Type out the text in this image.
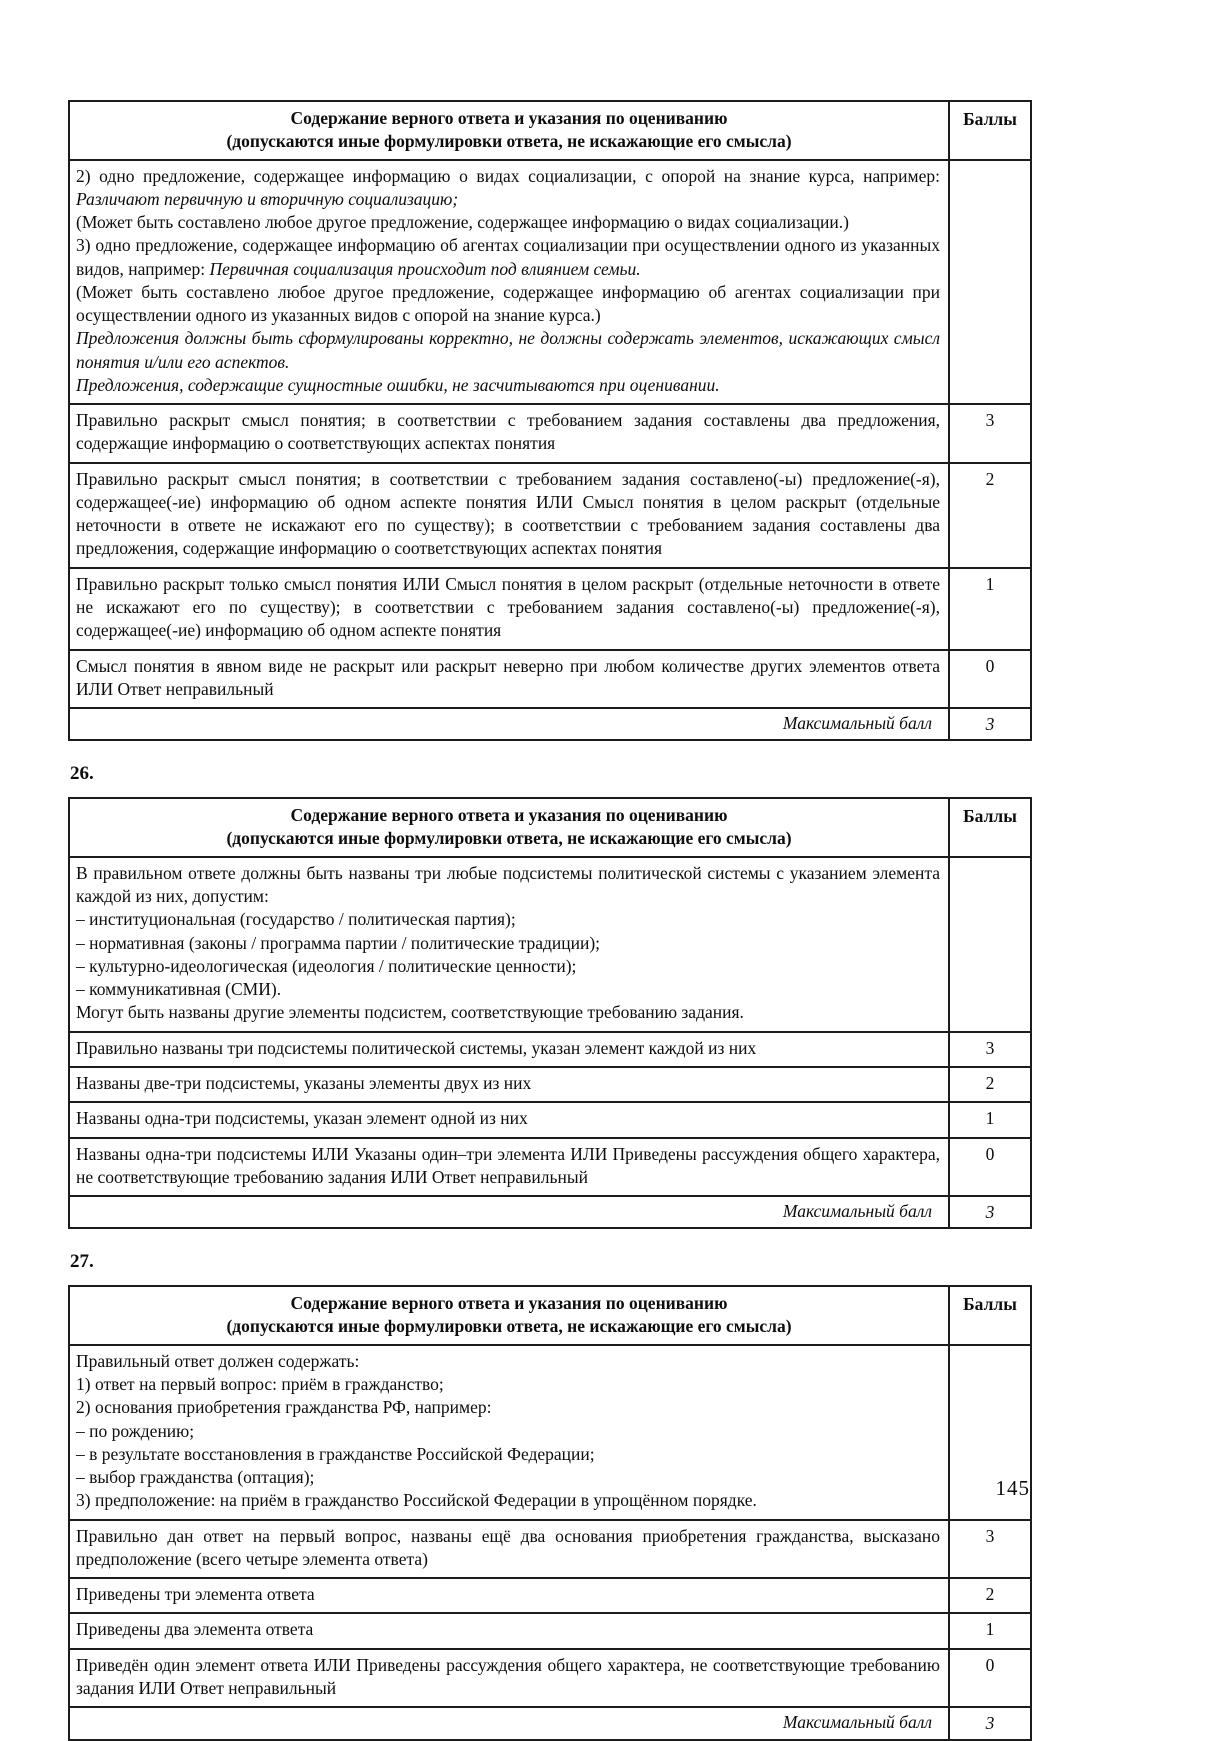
Содержание верного ответа и указания по оцениванию
(допускаются иные формулировки ответа, не искажающие его смысла)	Баллы

2) одно предложение, содержащее информацию о видах социализации, с опорой на знание курса, например: Различают первичную и вторичную социализацию;
(Может быть составлено любое другое предложение, содержащее информацию о видах социализации.)
3) одно предложение, содержащее информацию об агентах социализации при осуществлении одного из указанных видов, например: Первичная социализация происходит под влиянием семьи.
(Может быть составлено любое другое предложение, содержащее информацию об агентах социализации при осуществлении одного из указанных видов с опорой на знание курса.)
Предложения должны быть сформулированы корректно, не должны содержать элементов, искажающих смысл понятия и/или его аспектов.
Предложения, содержащие сущностные ошибки, не засчитываются при оценивании.

Правильно раскрыт смысл понятия; в соответствии с требованием задания составлены два предложения, содержащие информацию о соответствующих аспектах понятия	3

Правильно раскрыт смысл понятия; в соответствии с требованием задания составлено(-ы) предложение(-я), содержащее(-ие) информацию об одном аспекте понятия ИЛИ Смысл понятия в целом раскрыт (отдельные неточности в ответе не искажают его по существу); в соответствии с требованием задания составлены два предложения, содержащие информацию о соответствующих аспектах понятия	2

Правильно раскрыт только смысл понятия ИЛИ Смысл понятия в целом раскрыт (отдельные неточности в ответе не искажают его по существу); в соответствии с требованием задания составлено(-ы) предложение(-я), содержащее(-ие) информацию об одном аспекте понятия	1

Смысл понятия в явном виде не раскрыт или раскрыт неверно при любом количестве других элементов ответа ИЛИ Ответ неправильный	0
Максимальный балл	3
26.
Содержание верного ответа и указания по оцениванию
(допускаются иные формулировки ответа, не искажающие его смысла)	Баллы

В правильном ответе должны быть названы три любые подсистемы политической системы с указанием элемента каждой из них, допустим:
– институциональная (государство / политическая партия);
– нормативная (законы / программа партии / политические традиции);
– культурно-идеологическая (идеология / политические ценности);
– коммуникативная (СМИ).
Могут быть названы другие элементы подсистем, соответствующие требованию задания.

Правильно названы три подсистемы политической системы, указан элемент каждой из них	3

Названы две-три подсистемы, указаны элементы двух из них	2

Названы одна-три подсистемы, указан элемент одной из них	1

Названы одна-три подсистемы ИЛИ Указаны один–три элемента ИЛИ Приведены рассуждения общего характера, не соответствующие требованию задания ИЛИ Ответ неправильный	0
Максимальный балл	3
27.
Содержание верного ответа и указания по оцениванию
(допускаются иные формулировки ответа, не искажающие его смысла)	Баллы

Правильный ответ должен содержать:
1) ответ на первый вопрос: приём в гражданство;
2) основания приобретения гражданства РФ, например:
– по рождению;
– в результате восстановления в гражданстве Российской Федерации;
– выбор гражданства (оптация);
3) предположение: на приём в гражданство Российской Федерации в упрощённом порядке.

Правильно дан ответ на первый вопрос, названы ещё два основания приобретения гражданства, высказано предположение (всего четыре элемента ответа)	3

Приведены три элемента ответа	2

Приведены два элемента ответа	1

Приведён один элемент ответа ИЛИ Приведены рассуждения общего характера, не соответствующие требованию задания ИЛИ Ответ неправильный	0
Максимальный балл	3
145
